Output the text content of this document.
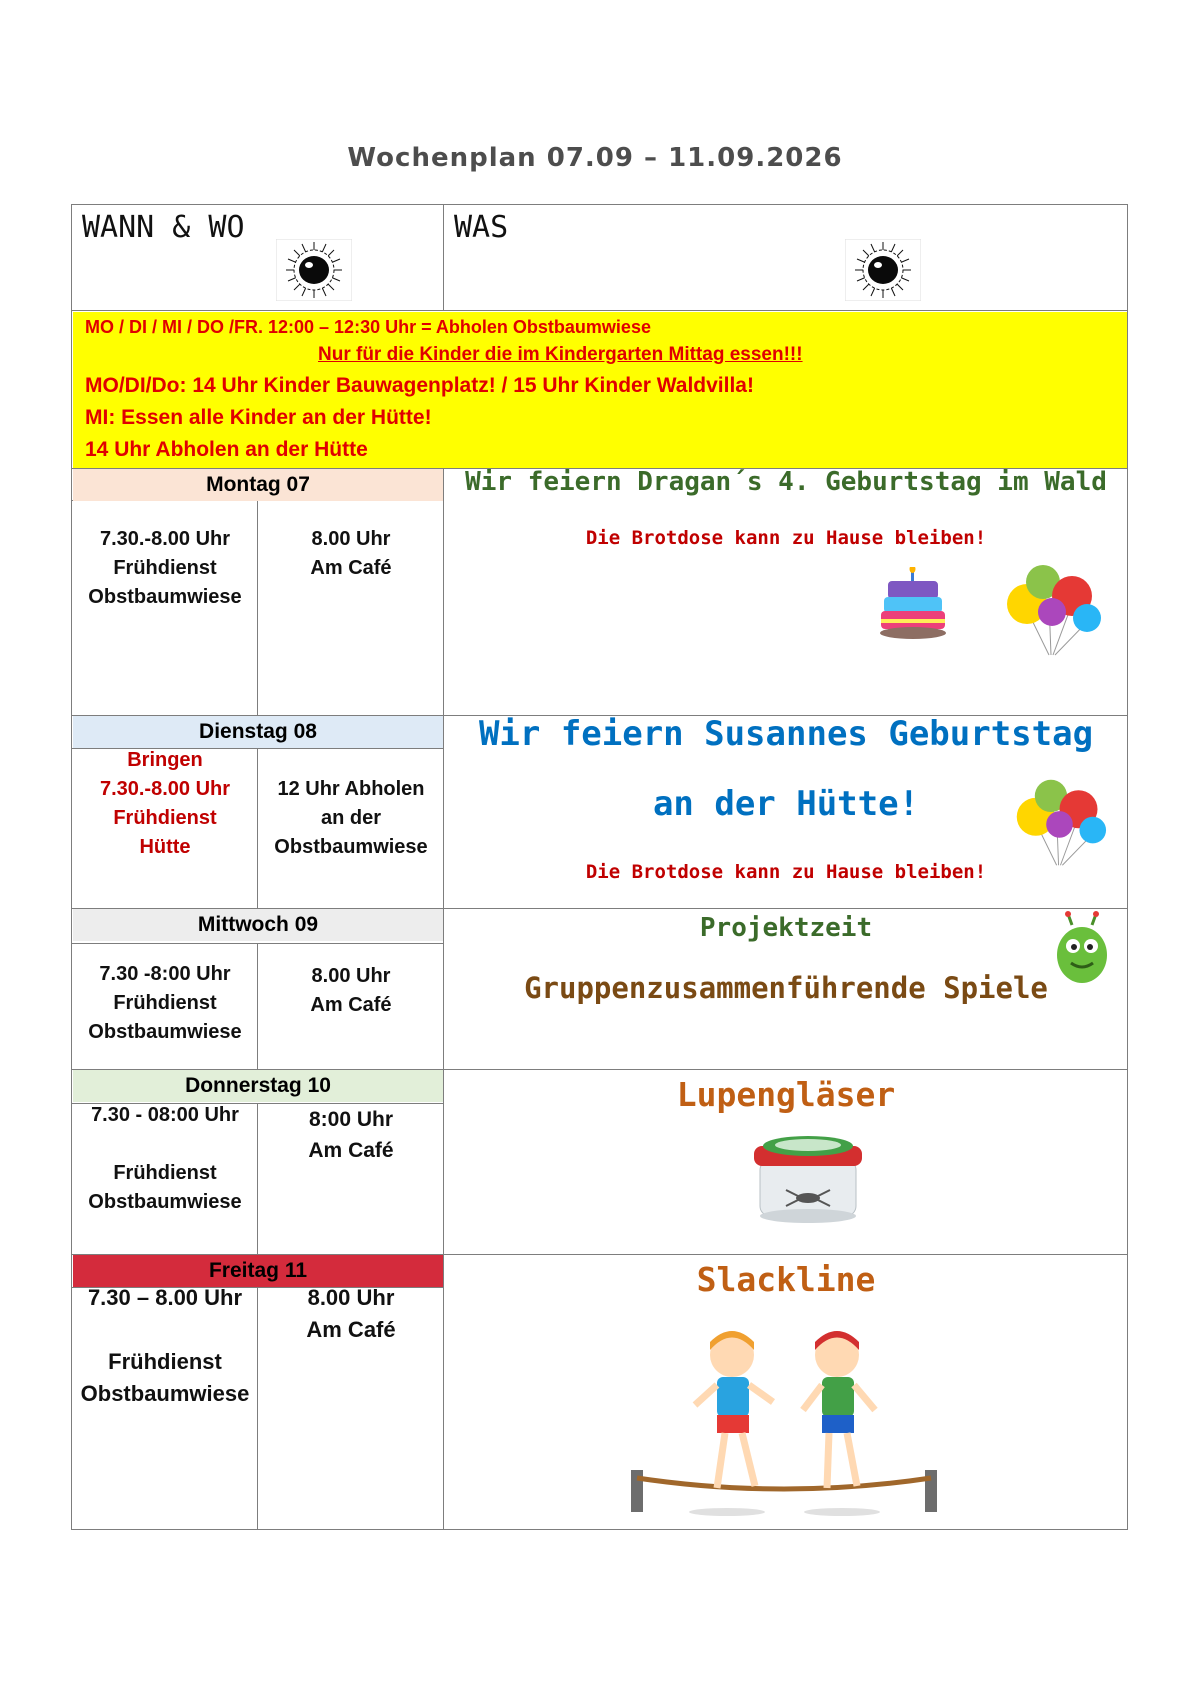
Wochenplan 07.09 – 11.09.2026
WANN & WO	WAS
MO / DI / MI / DO /FR. 12:00 – 12:30 Uhr = Abholen Obstbaumwiese
Nur für die Kinder die im Kindergarten Mittag essen!!!
MO/DI/Do: 14 Uhr Kinder Bauwagenplatz! / 15 Uhr Kinder Waldvilla!
MI: Essen alle Kinder an der Hütte!
14 Uhr Abholen an der Hütte
Montag 07
7.30.-8.00 Uhr
Frühdienst
Obstbaumwiese
8.00 Uhr
Am Café
Wir feiern Dragan´s 4. Geburtstag im Wald
Die Brotdose kann zu Hause bleiben!
Dienstag 08
Bringen
7.30.-8.00 Uhr
Frühdienst
Hütte
12 Uhr Abholen
an der
Obstbaumwiese
Wir feiern Susannes Geburtstag
an der Hütte!
Die Brotdose kann zu Hause bleiben!
Mittwoch 09
7.30 -8:00 Uhr
Frühdienst
Obstbaumwiese
8.00 Uhr
Am Café
Projektzeit
Gruppenzusammenführende Spiele
Donnerstag 10
7.30 - 08:00 Uhr
Frühdienst
Obstbaumwiese
8:00 Uhr
Am Café
Lupengläser
Freitag 11
7.30 – 8.00 Uhr
Frühdienst
Obstbaumwiese
8.00 Uhr
Am Café
Slackline
